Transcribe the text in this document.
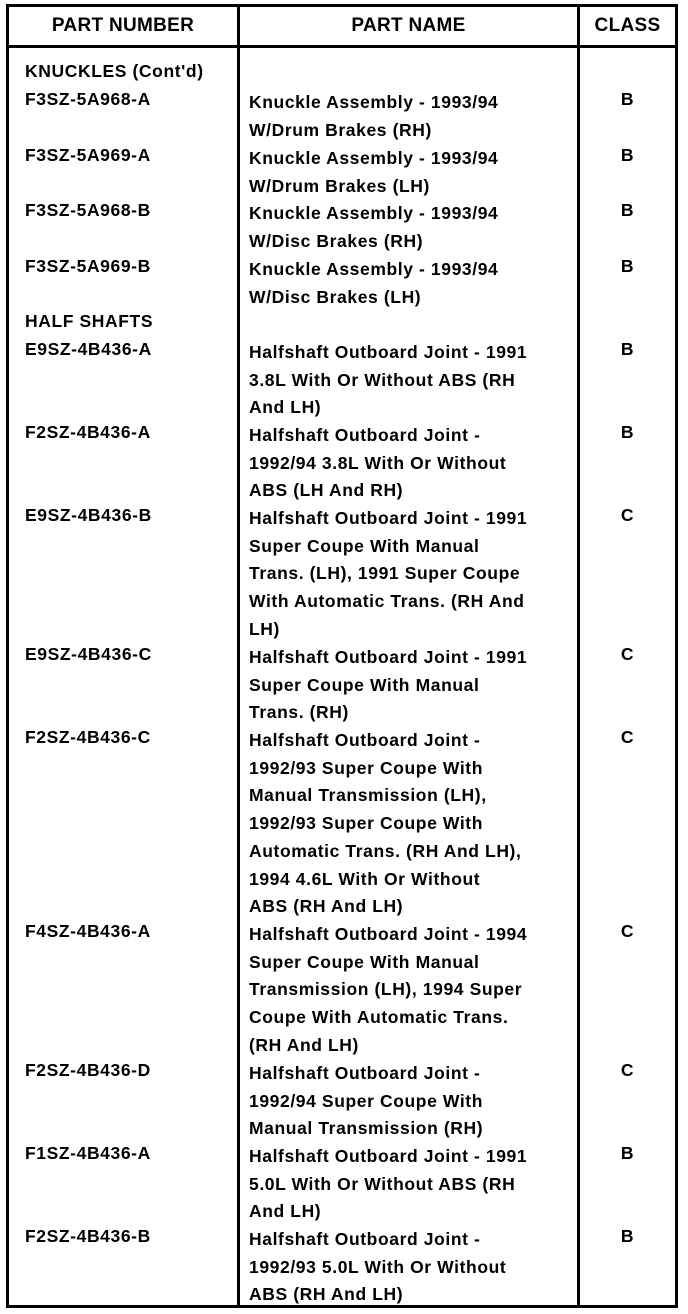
PART NUMBER	PART NAME	CLASS
KNUCKLES (Cont'd)
F3SZ-5A968-A	Knuckle Assembly - 1993/94
W/Drum Brakes (RH)
B
F3SZ-5A969-A	Knuckle Assembly - 1993/94
W/Drum Brakes (LH)
B
F3SZ-5A968-B	Knuckle Assembly - 1993/94
W/Disc Brakes (RH)
B
F3SZ-5A969-B	Knuckle Assembly - 1993/94
W/Disc Brakes (LH)
B
HALF SHAFTS
E9SZ-4B436-A	Halfshaft Outboard Joint - 1991
3.8L With Or Without ABS (RH
And LH)
B
F2SZ-4B436-A	Halfshaft Outboard Joint -
1992/94 3.8L With Or Without
ABS (LH And RH)
B
E9SZ-4B436-B	Halfshaft Outboard Joint - 1991
Super Coupe With Manual
Trans. (LH), 1991 Super Coupe
With Automatic Trans. (RH And
LH)
C
E9SZ-4B436-C	Halfshaft Outboard Joint - 1991
Super Coupe With Manual
Trans. (RH)
C
F2SZ-4B436-C	Halfshaft Outboard Joint -
1992/93 Super Coupe With
Manual Transmission (LH),
1992/93 Super Coupe With
Automatic Trans. (RH And LH),
1994 4.6L With Or Without
ABS (RH And LH)
C
F4SZ-4B436-A	Halfshaft Outboard Joint - 1994
Super Coupe With Manual
Transmission (LH), 1994 Super
Coupe With Automatic Trans.
(RH And LH)
C
F2SZ-4B436-D	Halfshaft Outboard Joint -
1992/94 Super Coupe With
Manual Transmission (RH)
C
F1SZ-4B436-A	Halfshaft Outboard Joint - 1991
5.0L With Or Without ABS (RH
And LH)
B
F2SZ-4B436-B	Halfshaft Outboard Joint -
1992/93 5.0L With Or Without
ABS (RH And LH)
B
